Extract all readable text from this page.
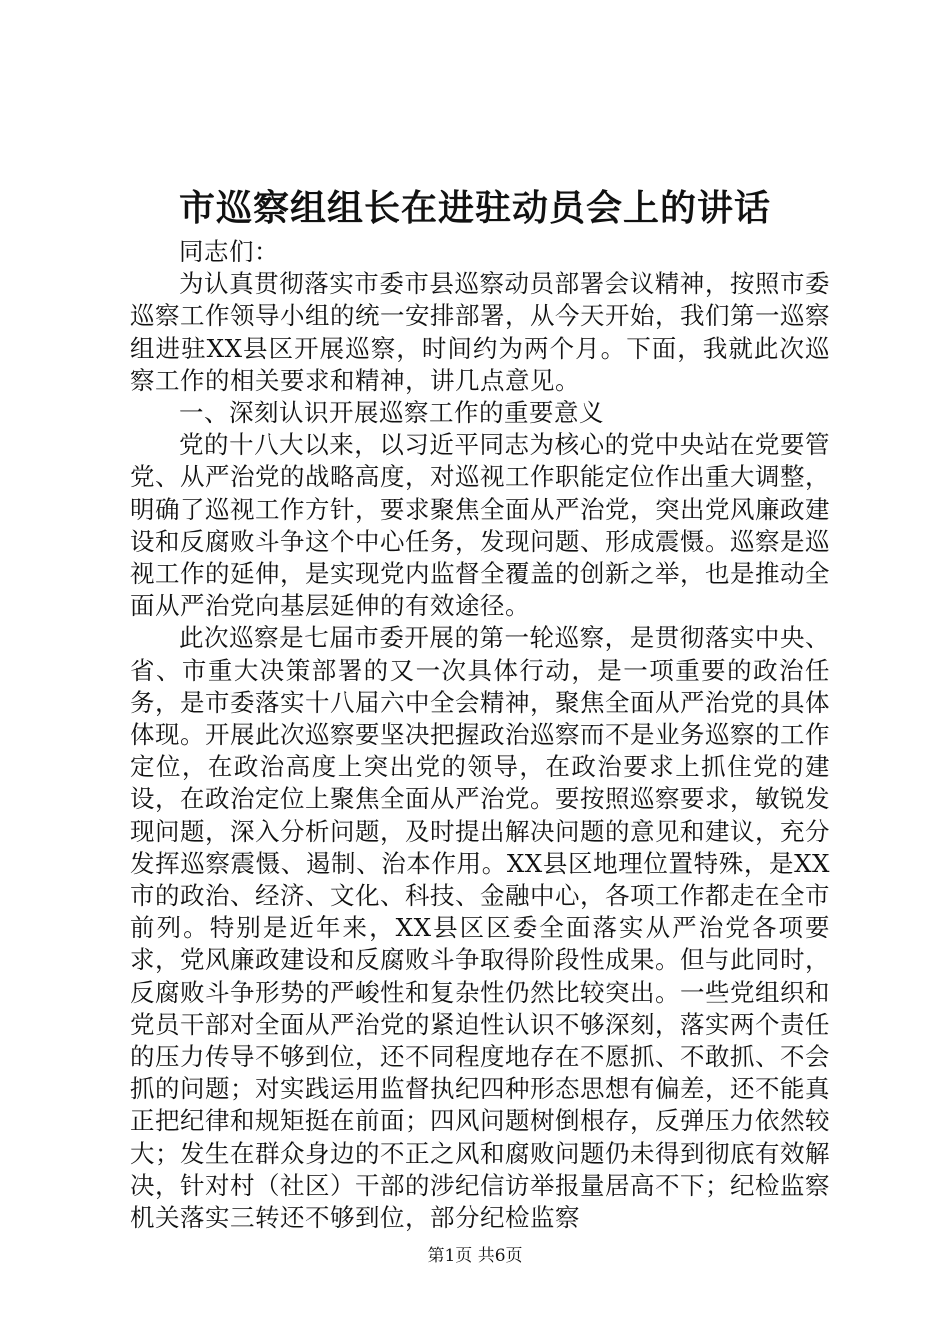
市巡察组组长在进驻动员会上的讲话

同志们：

为认真贯彻落实市委市县巡察动员部署会议精神，按照市委巡察工作领导小组的统一安排部署，从今天开始，我们第一巡察组进驻XX县区开展巡察，时间约为两个月。下面，我就此次巡察工作的相关要求和精神，讲几点意见。

一、深刻认识开展巡察工作的重要意义

党的十八大以来，以习近平同志为核心的党中央站在党要管党、从严治党的战略高度，对巡视工作职能定位作出重大调整，明确了巡视工作方针，要求聚焦全面从严治党，突出党风廉政建设和反腐败斗争这个中心任务，发现问题、形成震慑。巡察是巡视工作的延伸，是实现党内监督全覆盖的创新之举，也是推动全面从严治党向基层延伸的有效途径。

此次巡察是七届市委开展的第一轮巡察，是贯彻落实中央、省、市重大决策部署的又一次具体行动，是一项重要的政治任务，是市委落实十八届六中全会精神，聚焦全面从严治党的具体体现。开展此次巡察要坚决把握政治巡察而不是业务巡察的工作定位，在政治高度上突出党的领导，在政治要求上抓住党的建设，在政治定位上聚焦全面从严治党。要按照巡察要求，敏锐发现问题，深入分析问题，及时提出解决问题的意见和建议，充分发挥巡察震慑、遏制、治本作用。XX县区地理位置特殊，是XX市的政治、经济、文化、科技、金融中心，各项工作都走在全市前列。特别是近年来，XX县区区委全面落实从严治党各项要求，党风廉政建设和反腐败斗争取得阶段性成果。但与此同时，反腐败斗争形势的严峻性和复杂性仍然比较突出。一些党组织和党员干部对全面从严治党的紧迫性认识不够深刻，落实两个责任的压力传导不够到位，还不同程度地存在不愿抓、不敢抓、不会抓的问题；对实践运用监督执纪四种形态思想有偏差，还不能真正把纪律和规矩挺在前面；四风问题树倒根存，反弹压力依然较大；发生在群众身边的不正之风和腐败问题仍未得到彻底有效解决，针对村（社区）干部的涉纪信访举报量居高不下；纪检监察机关落实三转还不够到位，部分纪检监察

第1页 共6页
